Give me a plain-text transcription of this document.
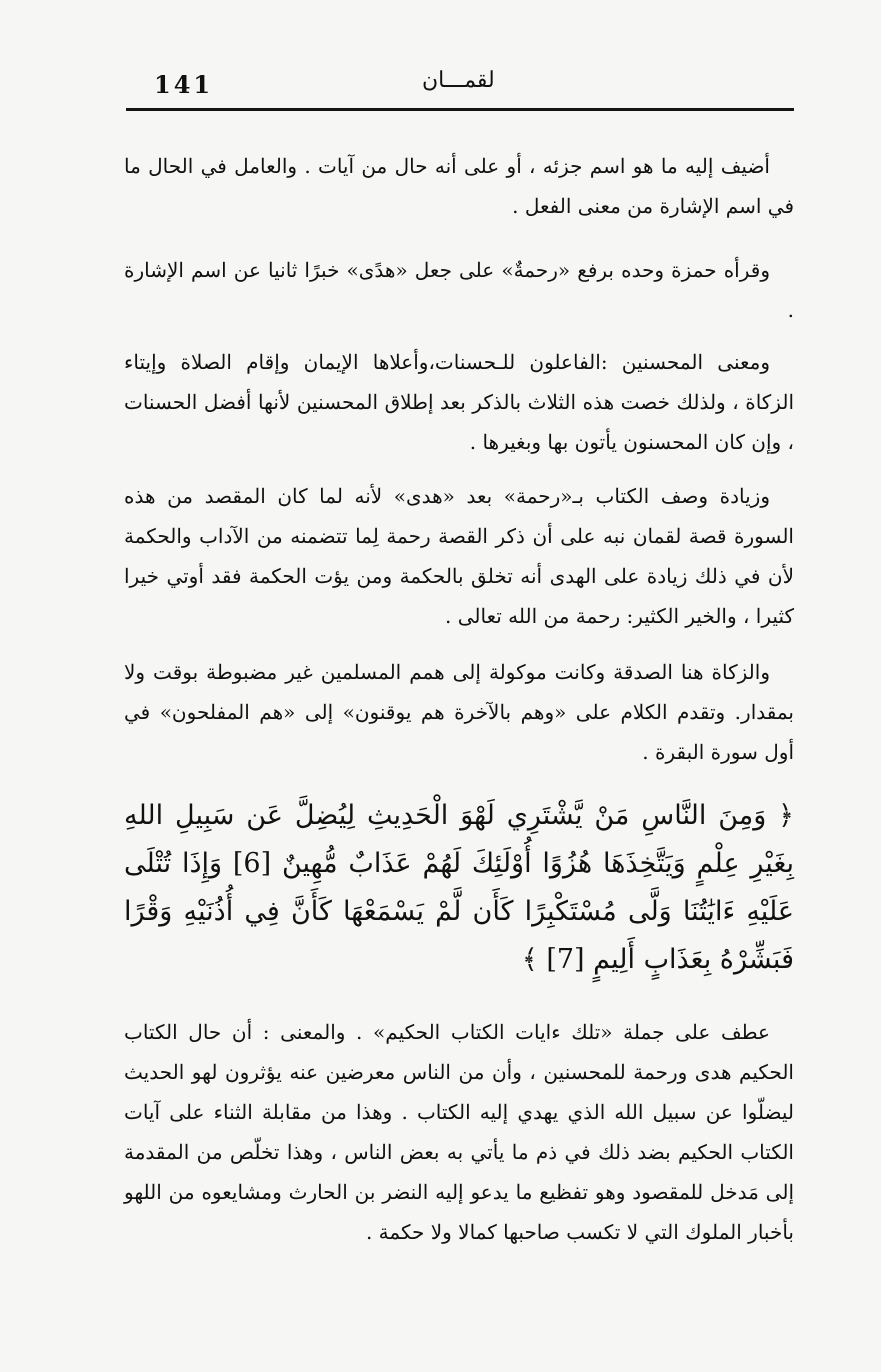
141	لقمـــان

أضيف إليه ما هو اسم جزئه ، أو على أنه حال من آيات . والعامل في الحال ما في اسم الإشارة من معنى الفعل .

وقرأه حمزة وحده برفع «رحمةٌ» على جعل «هدًى» خبرًا ثانيا عن اسم الإشارة .

ومعنى المحسنين :الفاعلون للـحسنات،وأعلاها الإيمان وإقام الصلاة وإيتاء الزكاة ، ولذلك خصت هذه الثلاث بالذكر بعد إطلاق المحسنين لأنها أفضل الحسنات ، وإن كان المحسنون يأتون بها وبغيرها .

وزيادة وصف الكتاب بـ«رحمة» بعد «هدى» لأنه لما كان المقصد من هذه السورة قصة لقمان نبه على أن ذكر القصة رحمة لِما تتضمنه من الآداب والحكمة لأن في ذلك زيادة على الهدى أنه تخلق بالحكمة ومن يؤت الحكمة فقد أوتي خيرا كثيرا ، والخير الكثير: رحمة من الله تعالى .

والزكاة هنا الصدقة وكانت موكولة إلى همم المسلمين غير مضبوطة بوقت ولا بمقدار. وتقدم الكلام على «وهم بالآخرة هم يوقنون» إلى «هم المفلحون» في أول سورة البقرة .

﴿ وَمِنَ النَّاسِ مَنْ يَّشْتَرِي لَهْوَ الْحَدِيثِ لِيُضِلَّ عَن سَبِيلِ اللهِ بِغَيْرِ عِلْمٍ وَيَتَّخِذَهَا هُزُوًا أُوْلَئِكَ لَهُمْ عَذَابٌ مُّهِينٌ [6] وَإِذَا تُتْلَى عَلَيْهِ ءَايَٰتُنَا وَلَّى مُسْتَكْبِرًا كَأَن لَّمْ يَسْمَعْهَا كَأَنَّ فِي أُذُنَيْهِ وَقْرًا فَبَشِّرْهُ بِعَذَابٍ أَلِيمٍ [7] ﴾

عطف على جملة «تلك ءايات الكتاب الحكيم» . والمعنى : أن حال الكتاب الحكيم هدى ورحمة للمحسنين ، وأن من الناس معرضين عنه يؤثرون لهو الحديث ليضلّوا عن سبيل الله الذي يهدي إليه الكتاب . وهذا من مقابلة الثناء على آيات الكتاب الحكيم بضد ذلك في ذم ما يأتي به بعض الناس ، وهذا تخلّص من المقدمة إلى مَدخل للمقصود وهو تفظيع ما يدعو إليه النضر بن الحارث ومشايعوه من اللهو بأخبار الملوك التي لا تكسب صاحبها كمالا ولا حكمة .
